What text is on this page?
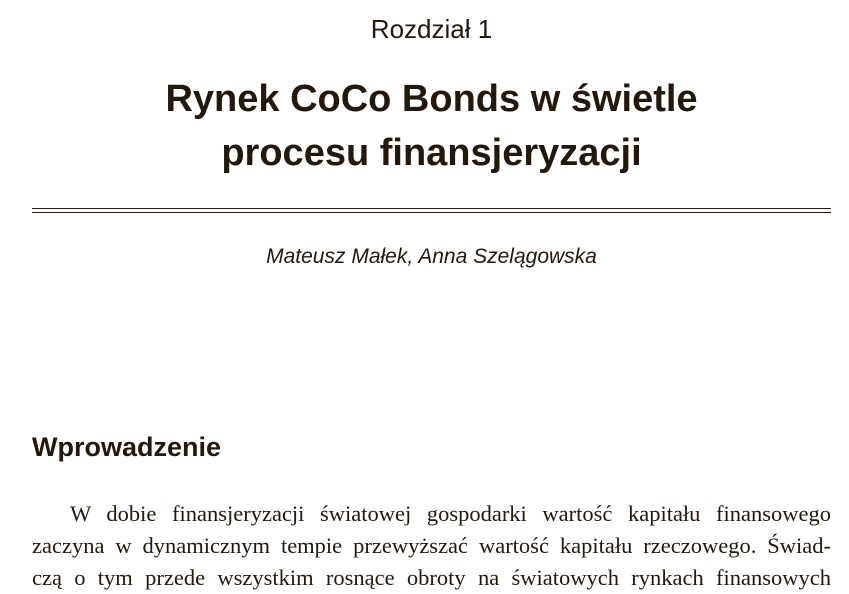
Rozdział 1
Rynek CoCo Bonds w świetle
procesu finansjeryzacji
Mateusz Małek, Anna Szelągowska
Wprowadzenie
W dobie finansjeryzacji światowej gospodarki wartość kapitału finansowego
zaczyna w dynamicznym tempie przewyższać wartość kapitału rzeczowego. Świad-
czą o tym przede wszystkim rosnące obroty na światowych rynkach finansowych
